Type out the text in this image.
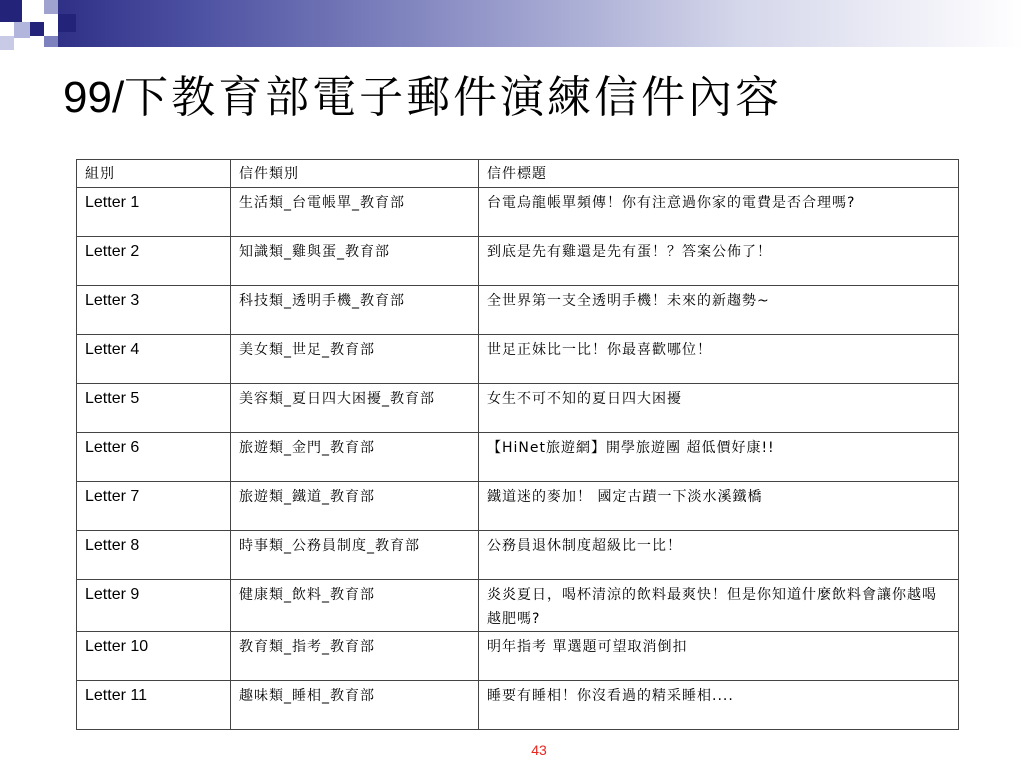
99/下教育部電子郵件演練信件內容
組別	信件類別	信件標題
Letter 1	生活類_台電帳單_教育部	台電烏龍帳單頻傳！你有注意過你家的電費是否合理嗎?
Letter 2	知識類_雞與蛋_教育部	到底是先有雞還是先有蛋！？答案公佈了！
Letter 3	科技類_透明手機_教育部	全世界第一支全透明手機！未來的新趨勢~
Letter 4	美女類_世足_教育部	世足正妹比一比！你最喜歡哪位！
Letter 5	美容類_夏日四大困擾_教育部	女生不可不知的夏日四大困擾
Letter 6	旅遊類_金門_教育部	【HiNet旅遊網】開學旅遊團 超低價好康!!
Letter 7	旅遊類_鐵道_教育部	鐵道迷的麥加！ 國定古蹟一下淡水溪鐵橋
Letter 8	時事類_公務員制度_教育部	公務員退休制度超級比一比！
Letter 9	健康類_飲料_教育部	炎炎夏日，喝杯清涼的飲料最爽快！但是你知道什麼飲料會讓你越喝越肥嗎?
Letter 10	教育類_指考_教育部	明年指考 單選題可望取消倒扣
Letter 11	趣味類_睡相_教育部	睡要有睡相！你沒看過的精采睡相....
43
